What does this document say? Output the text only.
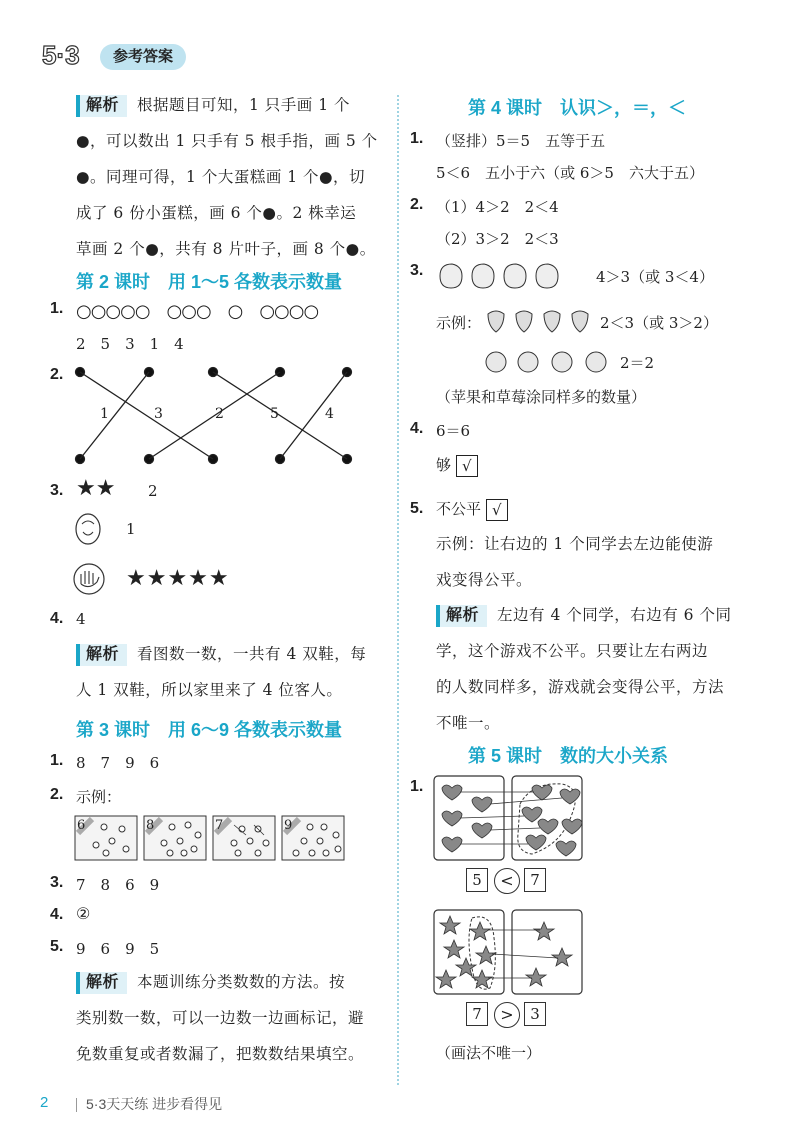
5·3	参考答案
解析 根据题目可知，1 只手画 1 个
●，可以数出 1 只手有 5 根手指，画 5 个
●。同理可得，1 个大蛋糕画 1 个●，切
成了 6 份小蛋糕，画 6 个●。2 株幸运
草画 2 个●，共有 8 片叶子，画 8 个●。
第 2 课时　用 1～5 各数表示数量
1. ○○○○○　○○○　○　○○○○
2　5　3　1　4
2.
1	3	2	5	4
3. ★★ 2
1
★★★★★
4. 4
解析 看图数一数，一共有 4 双鞋，每
人 1 双鞋，所以家里来了 4 位客人。
第 3 课时　用 6～9 各数表示数量
1. 8　7　9　6
2. 示例：
6	8	7	9
3. 7　8　6　9
4. ②
5. 9　6　9　5
解析 本题训练分类数数的方法。按
类别数一数，可以一边数一边画标记，避
免数重复或者数漏了，把数数结果填空。
第 4 课时　认识＞，＝，＜
1. （竖排）5＝5　五等于五
5＜6　五小于六（或 6＞5　六大于五）
2. （1）4＞2　2＜4
（2）3＞2　2＜3
3.	4＞3（或 3＜4）
示例：	2＜3（或 3＞2）
2＝2
（苹果和草莓涂同样多的数量）
4. 6＝6
够 √
5. 不公平 √
示例：让右边的 1 个同学去左边能使游
戏变得公平。
解析 左边有 4 个同学，右边有 6 个同
学，这个游戏不公平。只要让左右两边
的人数同样多，游戏就会变得公平，方法
不唯一。
第 5 课时　数的大小关系
1.
5	<	7
7	>	3
（画法不唯一）
2	5·3天天练 进步看得见
